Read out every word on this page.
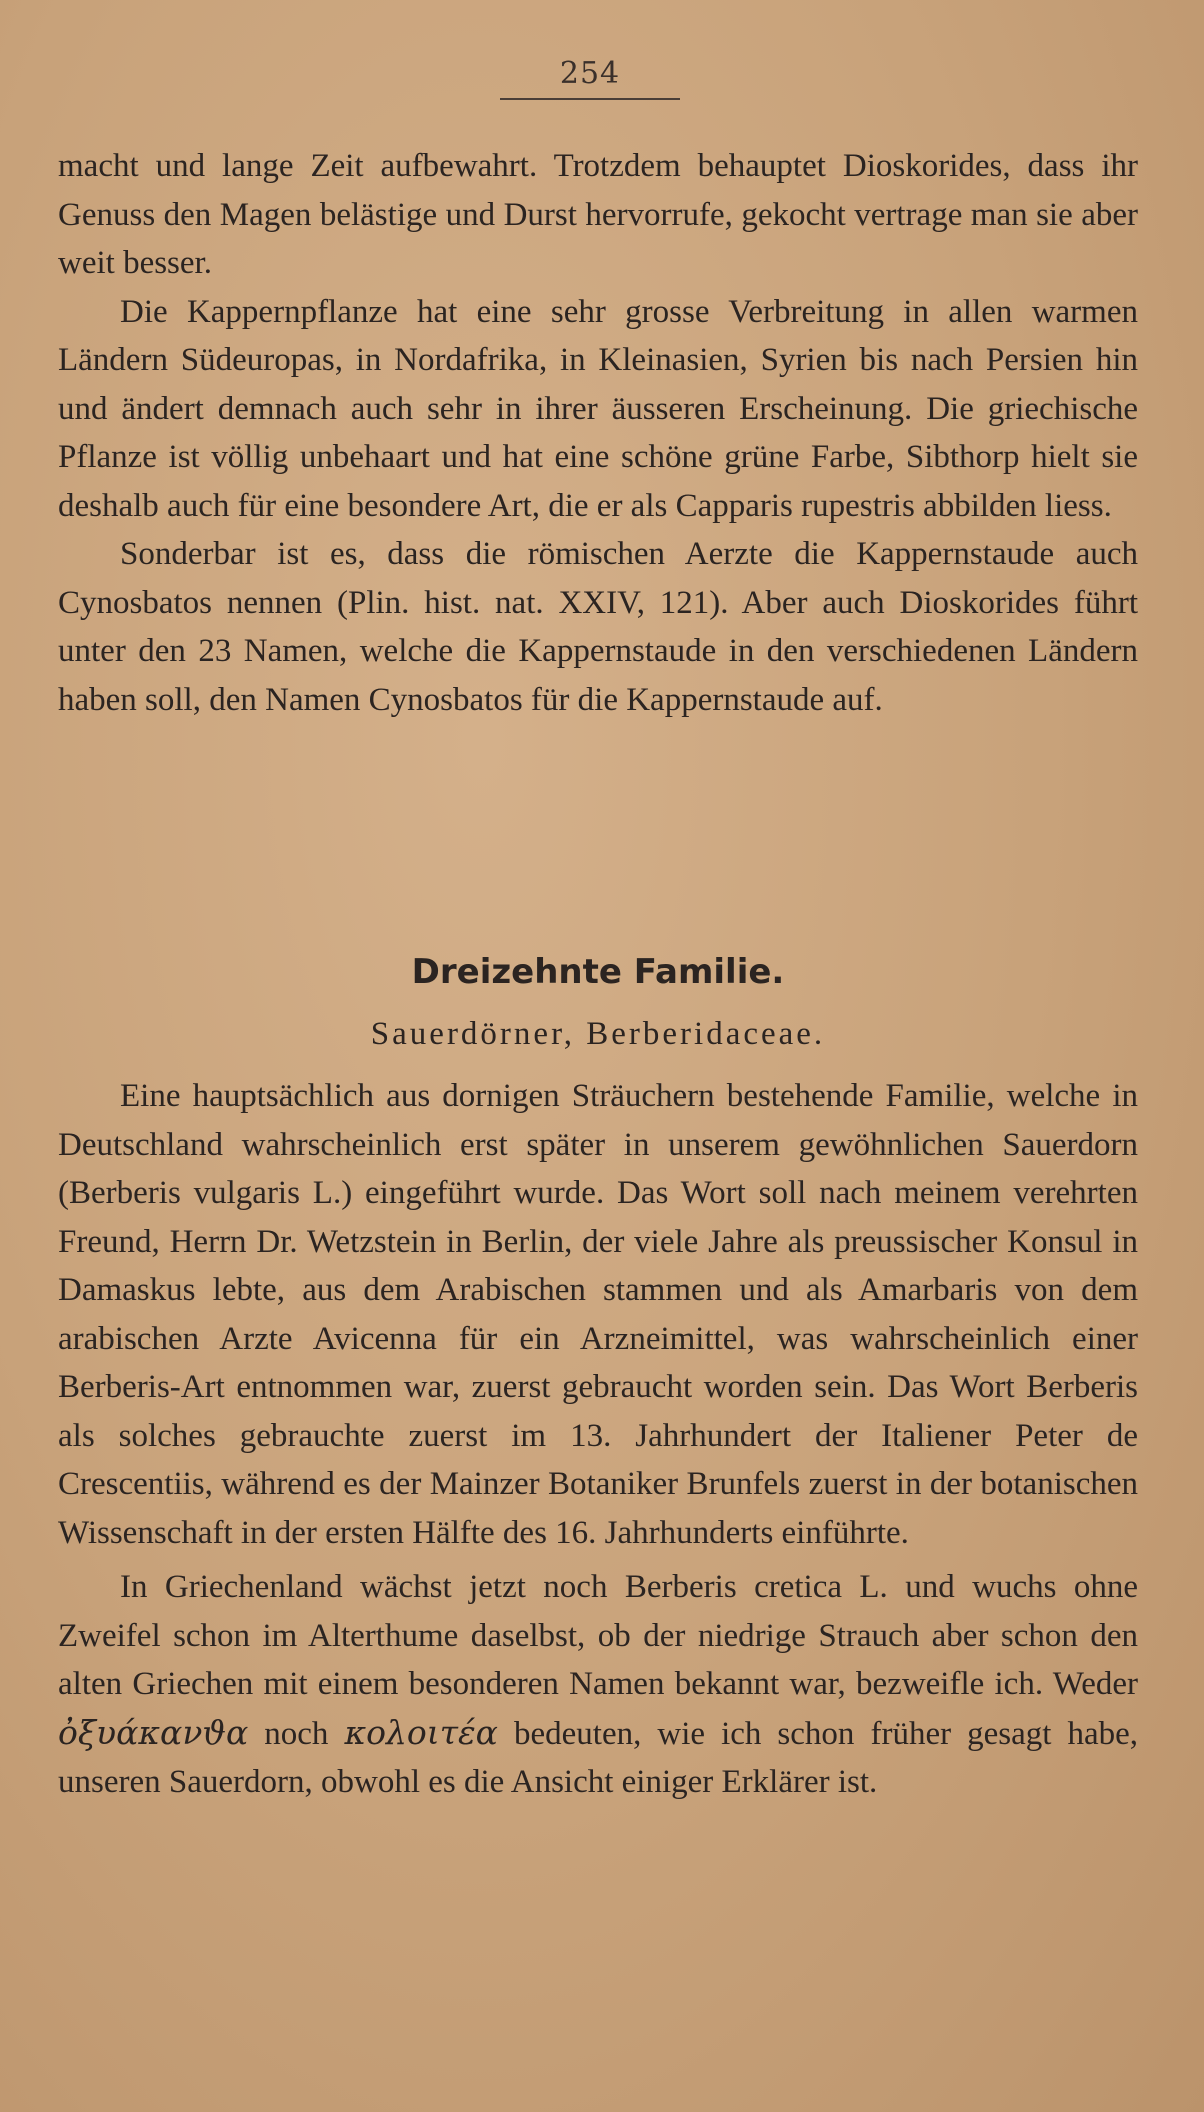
254

macht und lange Zeit aufbewahrt. Trotzdem behauptet Dioskorides, dass ihr Genuss den Magen belästige und Durst hervorrufe, gekocht vertrage man sie aber weit besser.

Die Kappernpflanze hat eine sehr grosse Verbreitung in allen warmen Ländern Südeuropas, in Nordafrika, in Kleinasien, Syrien bis nach Persien hin und ändert demnach auch sehr in ihrer äusseren Erscheinung. Die griechische Pflanze ist völlig unbehaart und hat eine schöne grüne Farbe, Sibthorp hielt sie deshalb auch für eine besondere Art, die er als Capparis rupestris abbilden liess.

Sonderbar ist es, dass die römischen Aerzte die Kappernstaude auch Cynosbatos nennen (Plin. hist. nat. XXIV, 121). Aber auch Dioskorides führt unter den 23 Namen, welche die Kappernstaude in den verschiedenen Ländern haben soll, den Namen Cynosbatos für die Kappernstaude auf.

Dreizehnte Familie.
Sauerdörner, Berberidaceae.

Eine hauptsächlich aus dornigen Sträuchern bestehende Familie, welche in Deutschland wahrscheinlich erst später in unserem gewöhnlichen Sauerdorn (Berberis vulgaris L.) eingeführt wurde. Das Wort soll nach meinem verehrten Freund, Herrn Dr. Wetzstein in Berlin, der viele Jahre als preussischer Konsul in Damaskus lebte, aus dem Arabischen stammen und als Amarbaris von dem arabischen Arzte Avicenna für ein Arzneimittel, was wahrscheinlich einer Berberis-Art entnommen war, zuerst gebraucht worden sein. Das Wort Berberis als solches gebrauchte zuerst im 13. Jahrhundert der Italiener Peter de Crescentiis, während es der Mainzer Botaniker Brunfels zuerst in der botanischen Wissenschaft in der ersten Hälfte des 16. Jahrhunderts einführte.

In Griechenland wächst jetzt noch Berberis cretica L. und wuchs ohne Zweifel schon im Alterthume daselbst, ob der niedrige Strauch aber schon den alten Griechen mit einem besonderen Namen bekannt war, bezweifle ich. Weder ὀξυάκανϑα noch κολοιτέα bedeuten, wie ich schon früher gesagt habe, unseren Sauerdorn, obwohl es die Ansicht einiger Erklärer ist.
